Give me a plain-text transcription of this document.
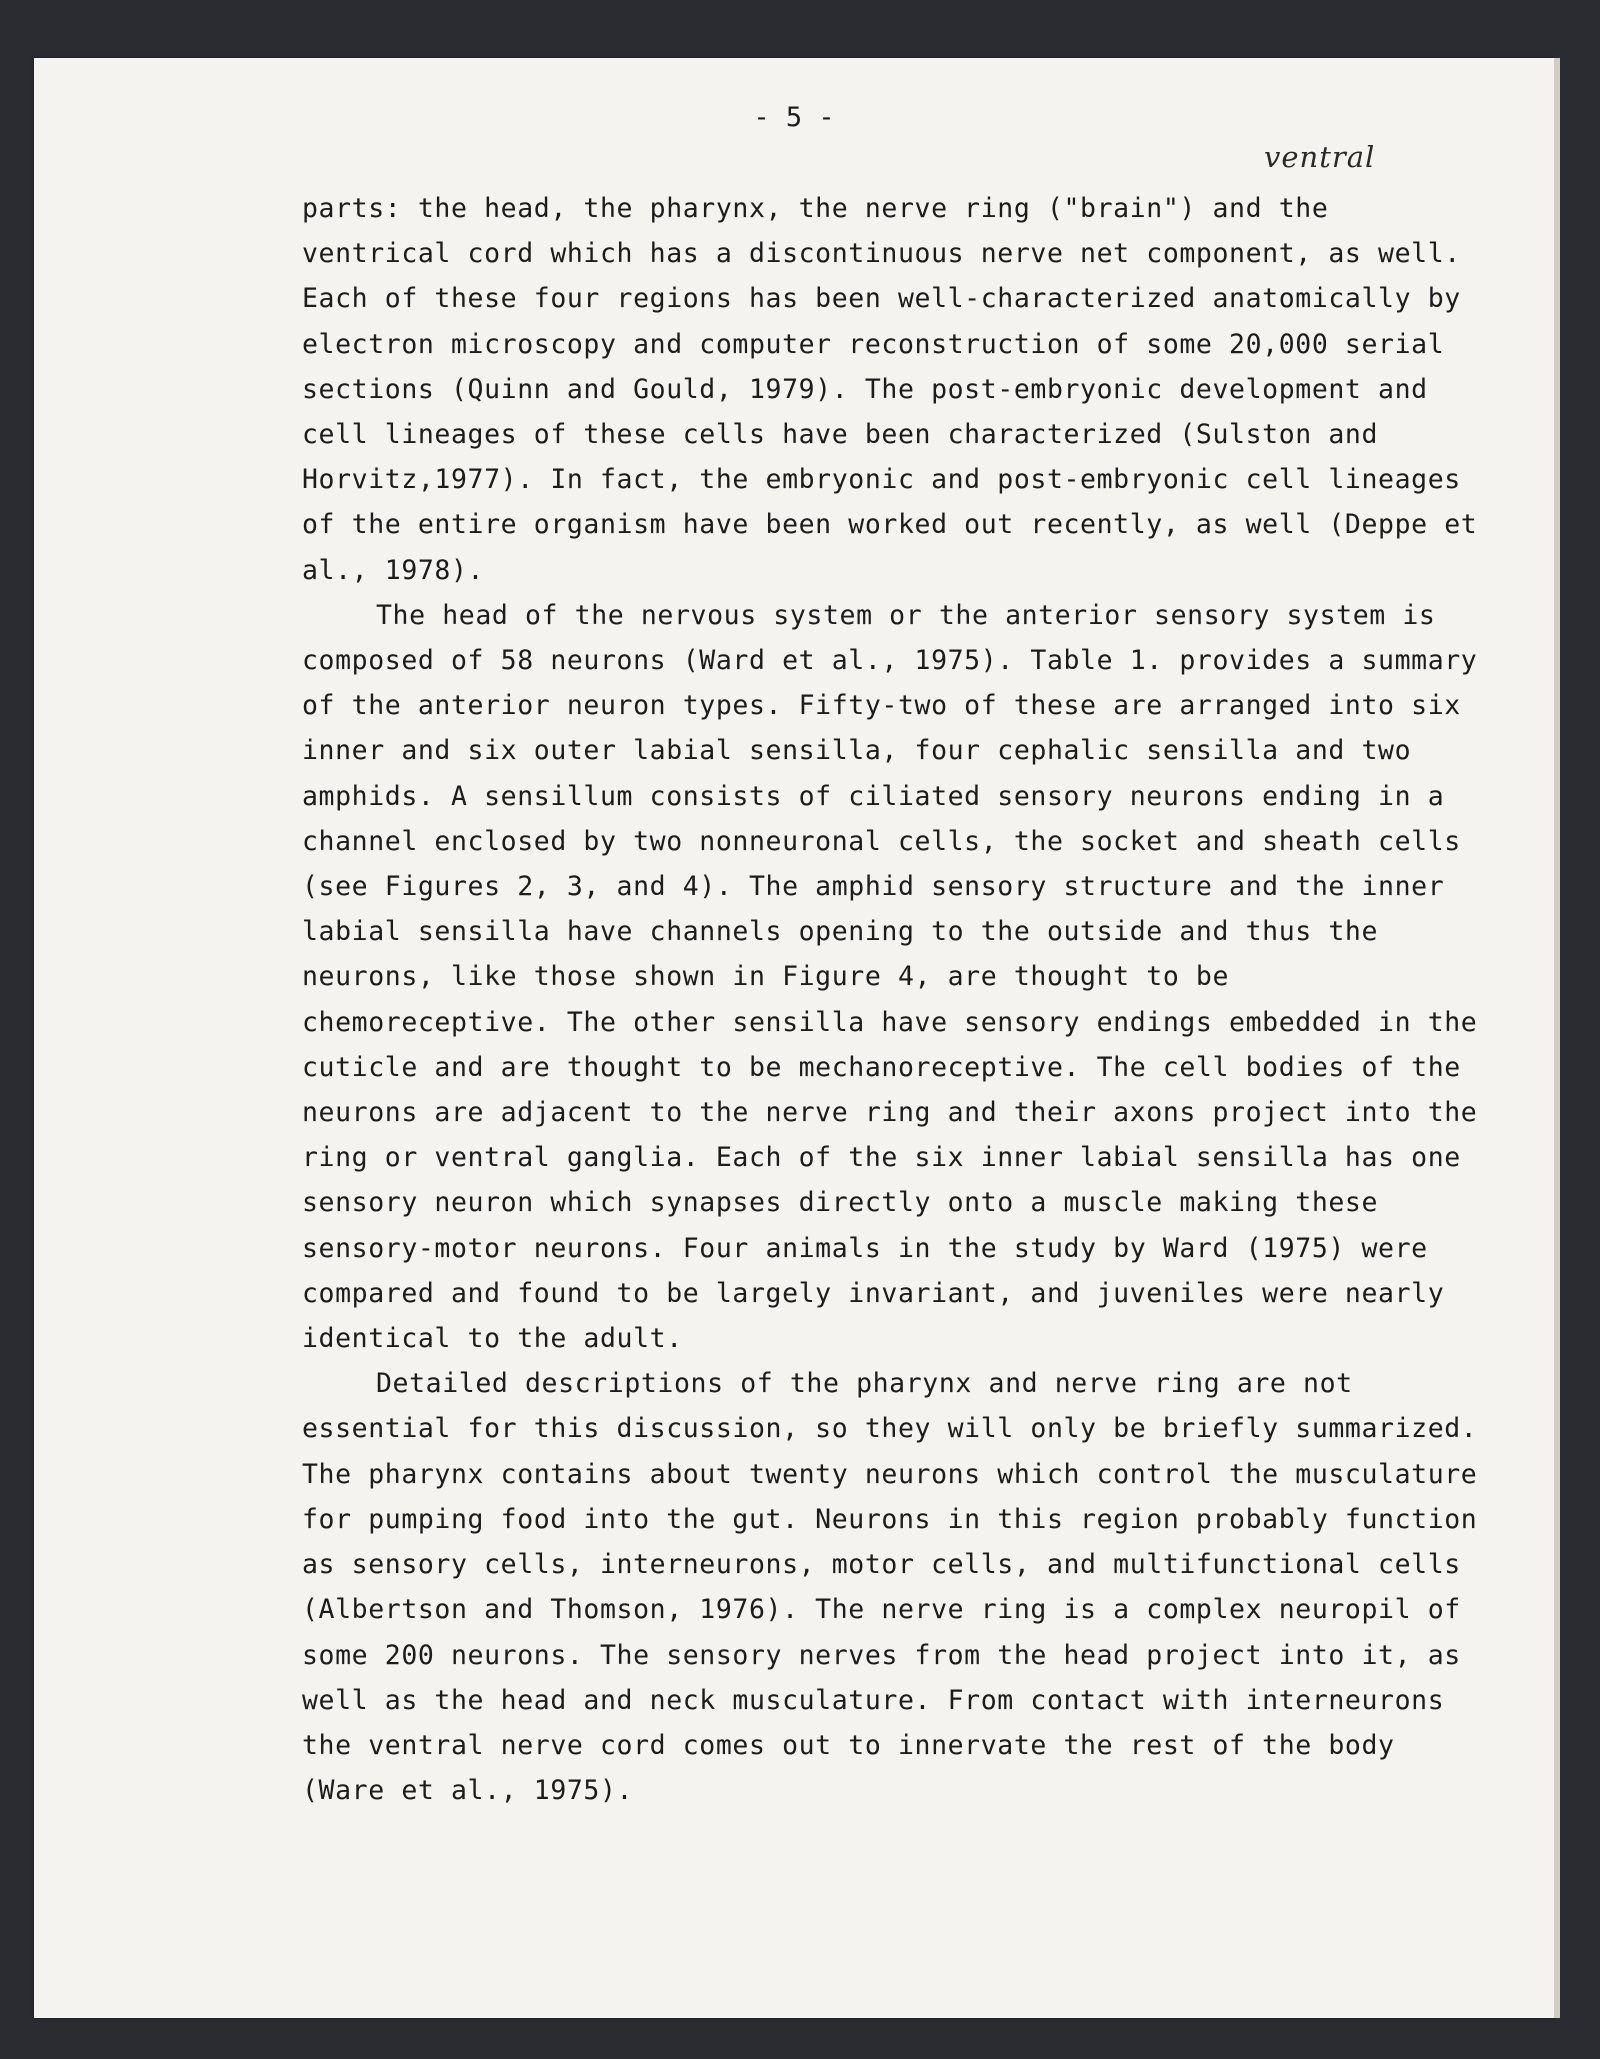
- 5 -
ventral

parts: the head, the pharynx, the nerve ring ("brain") and the ventrical cord which has a discontinuous nerve net component, as well. Each of these four regions has been well-characterized anatomically by electron microscopy and computer reconstruction of some 20,000 serial sections (Quinn and Gould, 1979). The post-embryonic development and cell lineages of these cells have been characterized (Sulston and Horvitz,1977). In fact, the embryonic and post-embryonic cell lineages of the entire organism have been worked out recently, as well (Deppe et al., 1978).

The head of the nervous system or the anterior sensory system is composed of 58 neurons (Ward et al., 1975). Table 1. provides a summary of the anterior neuron types. Fifty-two of these are arranged into six inner and six outer labial sensilla, four cephalic sensilla and two amphids. A sensillum consists of ciliated sensory neurons ending in a channel enclosed by two nonneuronal cells, the socket and sheath cells (see Figures 2, 3, and 4). The amphid sensory structure and the inner labial sensilla have channels opening to the outside and thus the neurons, like those shown in Figure 4, are thought to be chemoreceptive. The other sensilla have sensory endings embedded in the cuticle and are thought to be mechanoreceptive. The cell bodies of the neurons are adjacent to the nerve ring and their axons project into the ring or ventral ganglia. Each of the six inner labial sensilla has one sensory neuron which synapses directly onto a muscle making these sensory-motor neurons. Four animals in the study by Ward (1975) were compared and found to be largely invariant, and juveniles were nearly identical to the adult.

Detailed descriptions of the pharynx and nerve ring are not essential for this discussion, so they will only be briefly summarized. The pharynx contains about twenty neurons which control the musculature for pumping food into the gut. Neurons in this region probably function as sensory cells, interneurons, motor cells, and multifunctional cells (Albertson and Thomson, 1976). The nerve ring is a complex neuropil of some 200 neurons. The sensory nerves from the head project into it, as well as the head and neck musculature. From contact with interneurons the ventral nerve cord comes out to innervate the rest of the body (Ware et al., 1975).
